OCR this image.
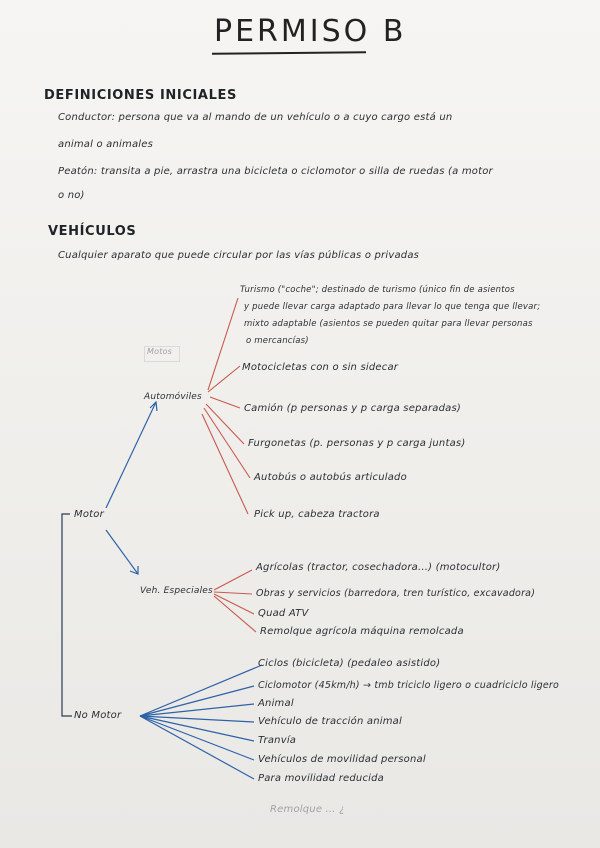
PERMISO B
DEFINICIONES INICIALES
Conductor: persona que va al mando de un vehículo o a cuyo cargo está un
animal o animales
Peatón: transita a pie, arrastra una bicicleta o ciclomotor o silla de ruedas (a motor
o no)
VEHÍCULOS
Cualquier aparato que puede circular por las vías públicas o privadas
Motos
Motor
No Motor
Automóviles
Veh. Especiales
Turismo ("coche"; destinado de turismo (único fin de asientos
y puede llevar carga adaptado para llevar lo que tenga que llevar;
mixto adaptable (asientos se pueden quitar para llevar personas
o mercancías)
Motocicletas con o sin sidecar
Camión (p personas y p carga separadas)
Furgonetas (p. personas y p carga juntas)
Autobús o autobús articulado
Pick up, cabeza tractora
Agrícolas (tractor, cosechadora...) (motocultor)
Obras y servicios (barredora, tren turístico, excavadora)
Quad ATV
Remolque agrícola máquina remolcada
Ciclos (bicicleta) (pedaleo asistido)
Ciclomotor (45km/h) → tmb triciclo ligero o cuadriciclo ligero
Animal
Vehículo de tracción animal
Tranvía
Vehículos de movilidad personal
Para movilidad reducida
Remolque ... ¿
